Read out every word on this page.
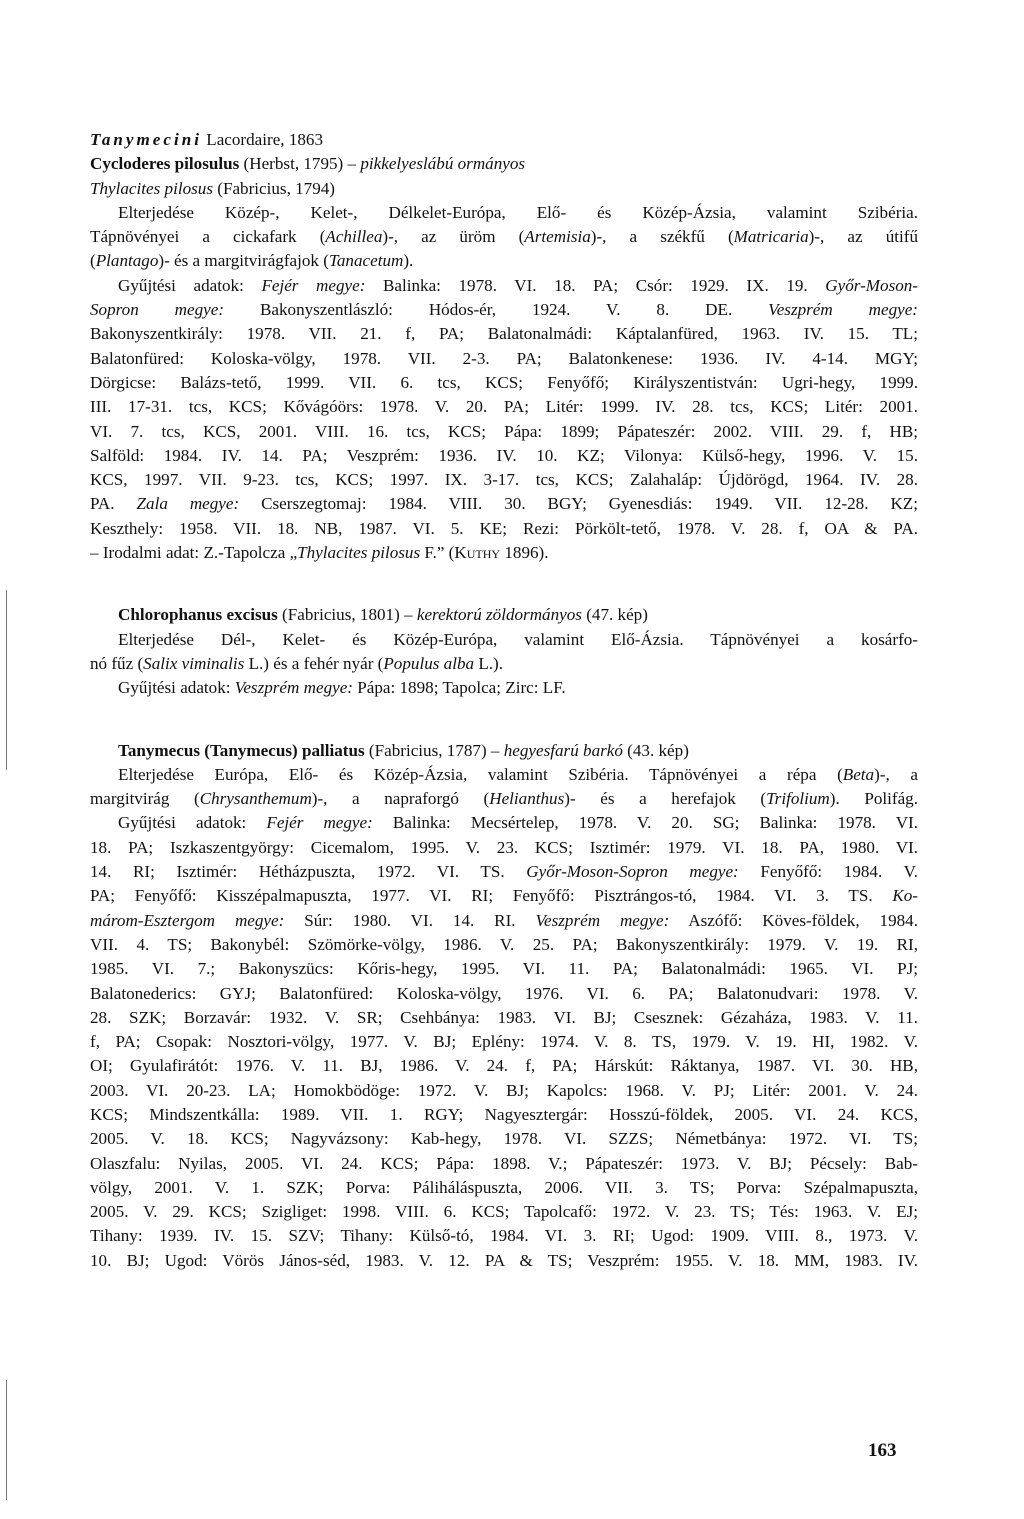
Tanymecini Lacordaire, 1863
Cycloderes pilosulus (Herbst, 1795) – pikkelyeslábú ormányos
Thylacites pilosus (Fabricius, 1794)
Elterjedése Közép-, Kelet-, Délkelet-Európa, Elő- és Közép-Ázsia, valamint Szibéria.
Tápnövényei a cickafark (Achillea)-, az üröm (Artemisia)-, a székfű (Matricaria)-, az útifű
(Plantago)- és a margitvirágfajok (Tanacetum).
Gyűjtési adatok: Fejér megye: Balinka: 1978. VI. 18. PA; Csór: 1929. IX. 19. Győr-Moson-
Sopron megye: Bakonyszentlászló: Hódos-ér, 1924. V. 8. DE. Veszprém megye:
Bakonyszentkirály: 1978. VII. 21. f, PA; Balatonalmádi: Káptalanfüred, 1963. IV. 15. TL;
Balatonfüred: Koloska-völgy, 1978. VII. 2-3. PA; Balatonkenese: 1936. IV. 4-14. MGY;
Dörgicse: Balázs-tető, 1999. VII. 6. tcs, KCS; Fenyőfő; Királyszentistván: Ugri-hegy, 1999.
III. 17-31. tcs, KCS; Kővágóörs: 1978. V. 20. PA; Litér: 1999. IV. 28. tcs, KCS; Litér: 2001.
VI. 7. tcs, KCS, 2001. VIII. 16. tcs, KCS; Pápa: 1899; Pápateszér: 2002. VIII. 29. f, HB;
Salföld: 1984. IV. 14. PA; Veszprém: 1936. IV. 10. KZ; Vilonya: Külső-hegy, 1996. V. 15.
KCS, 1997. VII. 9-23. tcs, KCS; 1997. IX. 3-17. tcs, KCS; Zalahaláp: Újdörögd, 1964. IV. 28.
PA. Zala megye: Cserszegtomaj: 1984. VIII. 30. BGY; Gyenesdiás: 1949. VII. 12-28. KZ;
Keszthely: 1958. VII. 18. NB, 1987. VI. 5. KE; Rezi: Pörkölt-tető, 1978. V. 28. f, OA & PA.
– Irodalmi adat: Z.-Tapolcza „Thylacites pilosus F.” (Kuthy 1896).
Chlorophanus excisus (Fabricius, 1801) – kerektorú zöldormányos (47. kép)
Elterjedése Dél-, Kelet- és Közép-Európa, valamint Elő-Ázsia. Tápnövényei a kosárfo-
nó fűz (Salix viminalis L.) és a fehér nyár (Populus alba L.).
Gyűjtési adatok: Veszprém megye: Pápa: 1898; Tapolca; Zirc: LF.
Tanymecus (Tanymecus) palliatus (Fabricius, 1787) – hegyesfarú barkó (43. kép)
Elterjedése Európa, Elő- és Közép-Ázsia, valamint Szibéria. Tápnövényei a répa (Beta)-, a
margitvirág (Chrysanthemum)-, a napraforgó (Helianthus)- és a herefajok (Trifolium). Polifág.
Gyűjtési adatok: Fejér megye: Balinka: Mecsértelep, 1978. V. 20. SG; Balinka: 1978. VI.
18. PA; Iszkaszentgyörgy: Cicemalom, 1995. V. 23. KCS; Isztimér: 1979. VI. 18. PA, 1980. VI.
14. RI; Isztimér: Hétházpuszta, 1972. VI. TS. Győr-Moson-Sopron megye: Fenyőfő: 1984. V.
PA; Fenyőfő: Kisszépalmapuszta, 1977. VI. RI; Fenyőfő: Pisztrángos-tó, 1984. VI. 3. TS. Ko-
márom-Esztergom megye: Súr: 1980. VI. 14. RI. Veszprém megye: Aszófő: Köves-földek, 1984.
VII. 4. TS; Bakonybél: Szömörke-völgy, 1986. V. 25. PA; Bakonyszentkirály: 1979. V. 19. RI,
1985. VI. 7.; Bakonyszücs: Kőris-hegy, 1995. VI. 11. PA; Balatonalmádi: 1965. VI. PJ;
Balatonederics: GYJ; Balatonfüred: Koloska-völgy, 1976. VI. 6. PA; Balatonudvari: 1978. V.
28. SZK; Borzavár: 1932. V. SR; Csehbánya: 1983. VI. BJ; Csesznek: Gézaháza, 1983. V. 11.
f, PA; Csopak: Nosztori-völgy, 1977. V. BJ; Eplény: 1974. V. 8. TS, 1979. V. 19. HI, 1982. V.
OI; Gyulafirátót: 1976. V. 11. BJ, 1986. V. 24. f, PA; Hárskút: Ráktanya, 1987. VI. 30. HB,
2003. VI. 20-23. LA; Homokbödöge: 1972. V. BJ; Kapolcs: 1968. V. PJ; Litér: 2001. V. 24.
KCS; Mindszentkálla: 1989. VII. 1. RGY; Nagyesztergár: Hosszú-földek, 2005. VI. 24. KCS,
2005. V. 18. KCS; Nagyvázsony: Kab-hegy, 1978. VI. SZZS; Németbánya: 1972. VI. TS;
Olaszfalu: Nyilas, 2005. VI. 24. KCS; Pápa: 1898. V.; Pápateszér: 1973. V. BJ; Pécsely: Bab-
völgy, 2001. V. 1. SZK; Porva: Páliháláspuszta, 2006. VII. 3. TS; Porva: Szépalmapuszta,
2005. V. 29. KCS; Szigliget: 1998. VIII. 6. KCS; Tapolcafő: 1972. V. 23. TS; Tés: 1963. V. EJ;
Tihany: 1939. IV. 15. SZV; Tihany: Külső-tó, 1984. VI. 3. RI; Ugod: 1909. VIII. 8., 1973. V.
10. BJ; Ugod: Vörös János-séd, 1983. V. 12. PA & TS; Veszprém: 1955. V. 18. MM, 1983. IV.
163
